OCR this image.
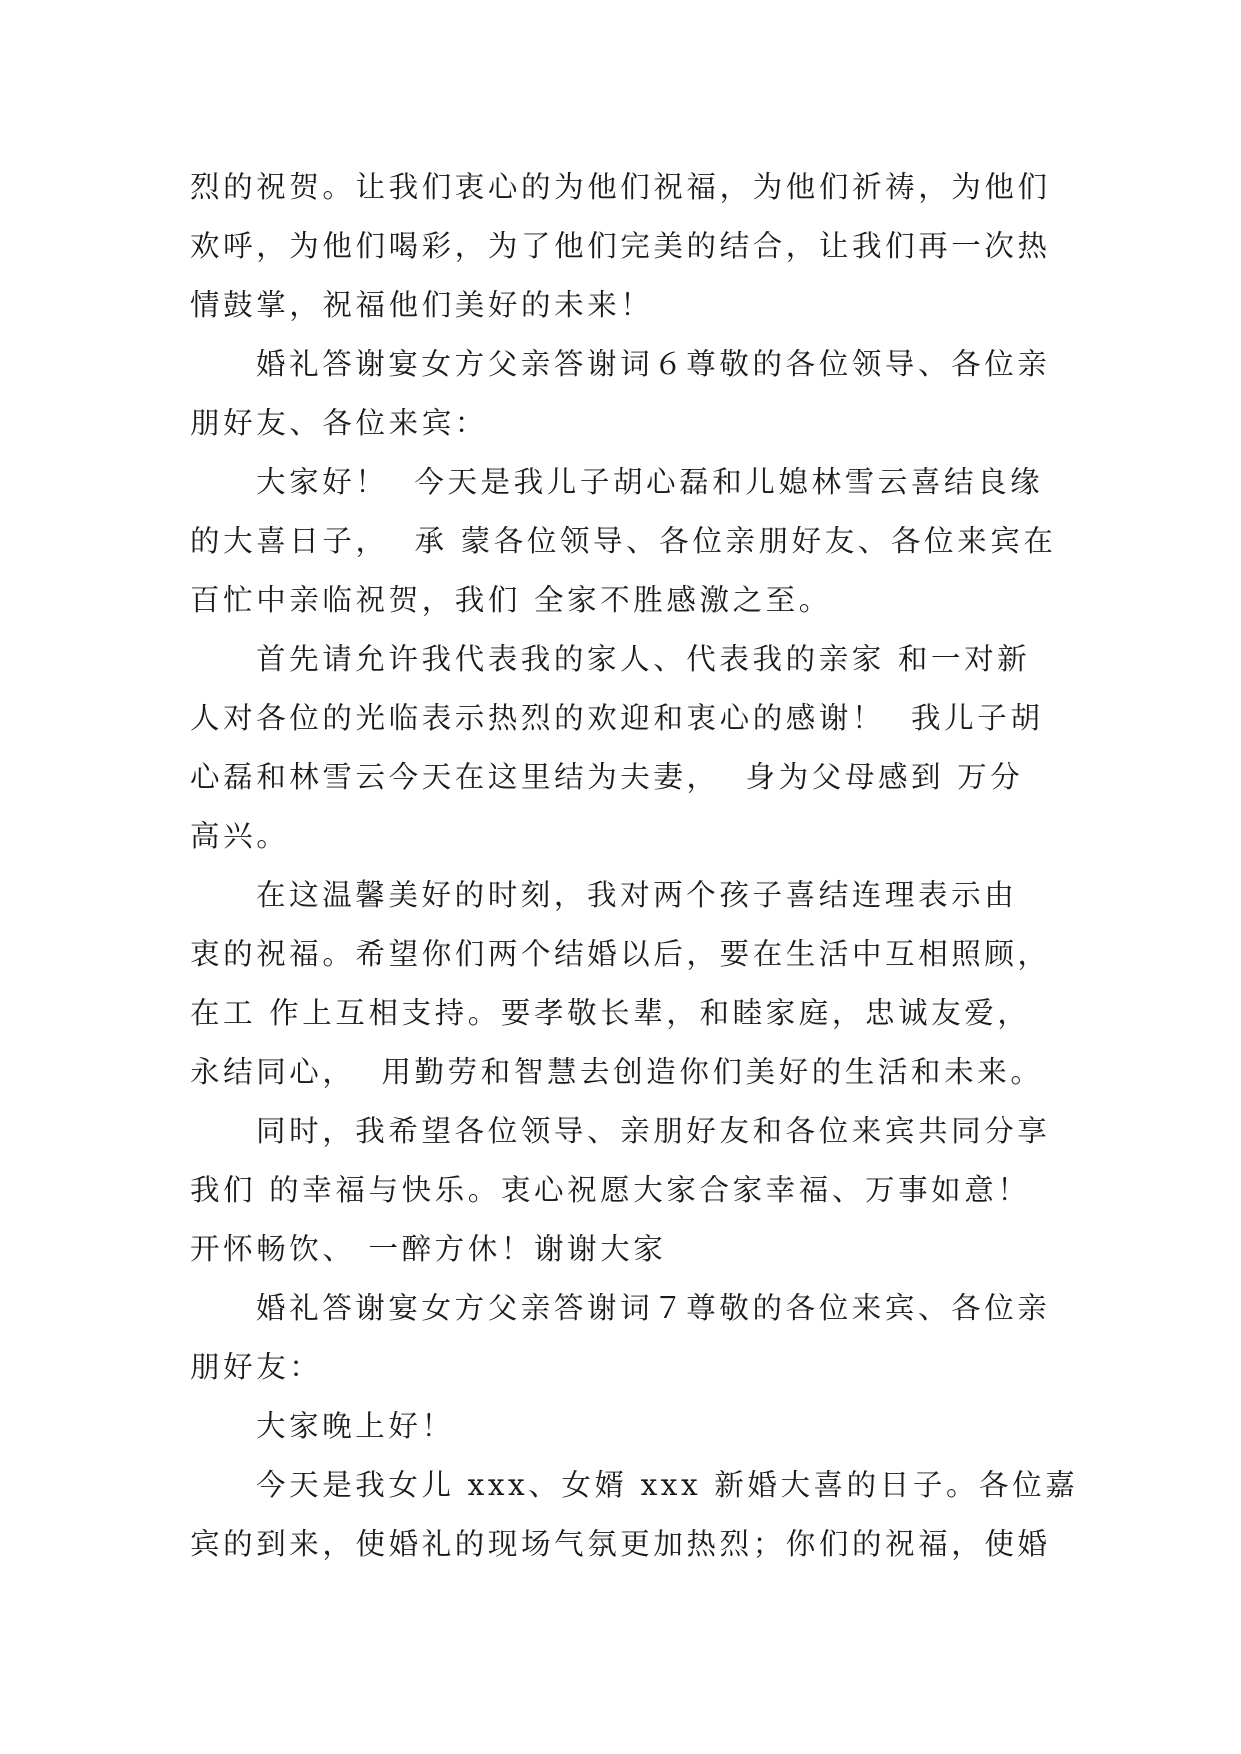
烈的祝贺。让我们衷心的为他们祝福，为他们祈祷，为他们
欢呼，为他们喝彩，为了他们完美的结合，让我们再一次热
情鼓掌，祝福他们美好的未来！
婚礼答谢宴女方父亲答谢词６尊敬的各位领导、各位亲
朋好友、各位来宾：
大家好！  今天是我儿子胡心磊和儿媳林雪云喜结良缘
的大喜日子，  承 蒙各位领导、各位亲朋好友、各位来宾在
百忙中亲临祝贺，我们 全家不胜感激之至。
首先请允许我代表我的家人、代表我的亲家 和一对新
人对各位的光临表示热烈的欢迎和衷心的感谢！  我儿子胡
心磊和林雪云今天在这里结为夫妻，  身为父母感到 万分
高兴。
在这温馨美好的时刻，我对两个孩子喜结连理表示由
衷的祝福。希望你们两个结婚以后，要在生活中互相照顾，
在工 作上互相支持。要孝敬长辈，和睦家庭，忠诚友爱，
永结同心，  用勤劳和智慧去创造你们美好的生活和未来。
同时，我希望各位领导、亲朋好友和各位来宾共同分享
我们 的幸福与快乐。衷心祝愿大家合家幸福、万事如意！
开怀畅饮、 一醉方休！谢谢大家
婚礼答谢宴女方父亲答谢词７尊敬的各位来宾、各位亲
朋好友：
大家晚上好！
今天是我女儿 xxx、女婿 xxx 新婚大喜的日子。各位嘉
宾的到来，使婚礼的现场气氛更加热烈；你们的祝福，使婚
